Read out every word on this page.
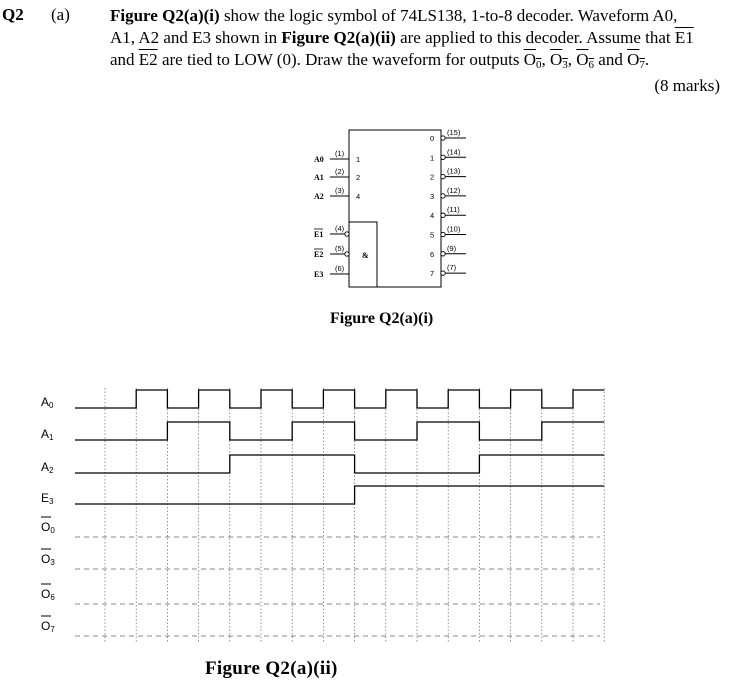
Q2 (a) Figure Q2(a)(i) show the logic symbol of 74LS138, 1-to-8 decoder. Waveform A0,

A1, A2 and E3 shown in Figure Q2(a)(ii) are applied to this decoder. Assume that E1

and E2 are tied to LOW (0). Draw the waveform for outputs $O_0$, $O_3$, $O_6$ and $O_7$.

(8 marks)
&
A0
(1)
1
A1
(2)
2
A2
(3)
4
E1
(4)
E2
(5)
E3
(6)
0
(15)
1
(14)
2
(13)
3
(12)
4
(11)
5
(10)
6
(9)
7
(7)
A0
A1
A2
E3
O0
O3
O6
O7
Figure Q2(a)(i)
Figure Q2(a)(ii)
